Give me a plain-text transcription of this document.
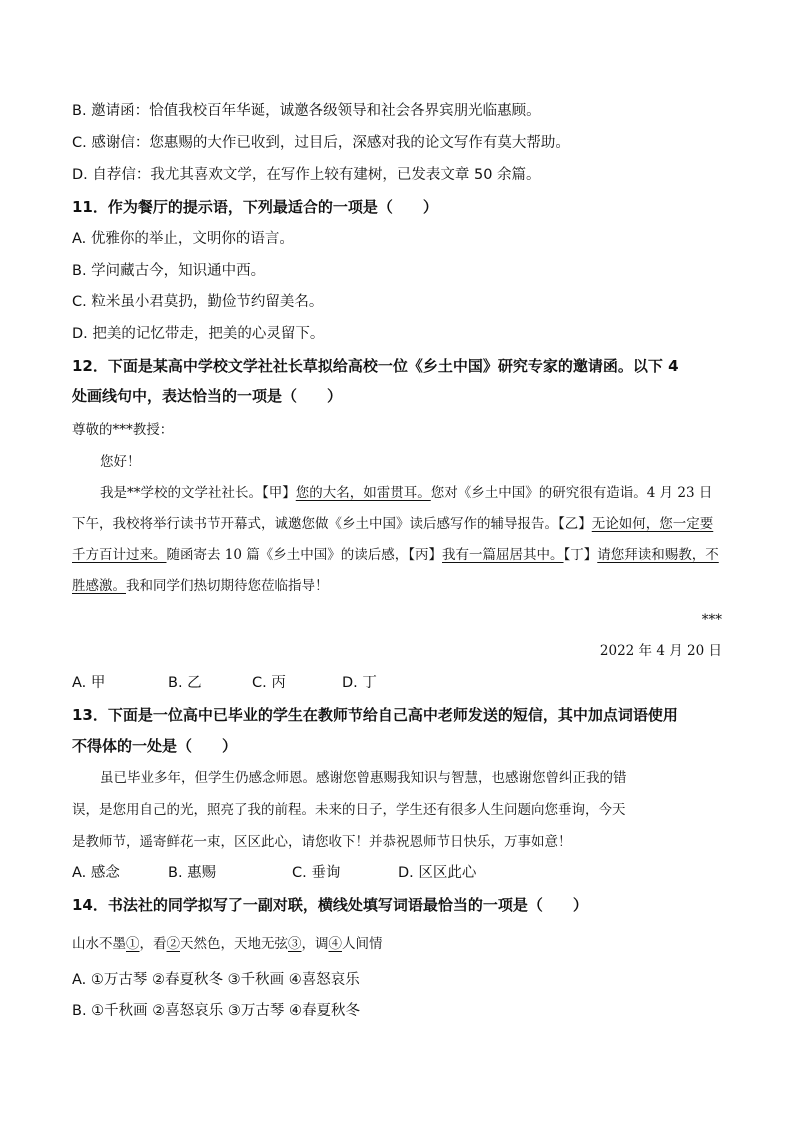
B. 邀请函：恰值我校百年华诞，诚邀各级领导和社会各界宾朋光临惠顾。
C. 感谢信：您惠赐的大作已收到，过目后，深感对我的论文写作有莫大帮助。
D. 自荐信：我尤其喜欢文学，在写作上较有建树，已发表文章 50 余篇。
11．作为餐厅的提示语，下列最适合的一项是（　　）
A. 优雅你的举止，文明你的语言。
B. 学问藏古今，知识通中西。
C. 粒米虽小君莫扔，勤俭节约留美名。
D. 把美的记忆带走，把美的心灵留下。
12．下面是某高中学校文学社社长草拟给高校一位《乡土中国》研究专家的邀请函。以下 4
处画线句中，表达恰当的一项是（　　）
尊敬的***教授：
您好！
我是**学校的文学社社长。【甲】您的大名，如雷贯耳。您对《乡土中国》的研究很有造诣。4 月 23 日下午，我校将举行读书节开幕式，诚邀您做《乡土中国》读后感写作的辅导报告。【乙】无论如何，您一定要千方百计过来。随函寄去 10 篇《乡土中国》的读后感，【丙】我有一篇屈居其中。【丁】请您拜读和赐教，不胜感激。我和同学们热切期待您莅临指导！
***
2022 年 4 月 20 日
A. 甲	B. 乙	C. 丙	D. 丁
13．下面是一位高中已毕业的学生在教师节给自己高中老师发送的短信，其中加点词语使用
不得体的一处是（　　）
虽已毕业多年，但学生仍感念师恩。感谢您曾惠赐我知识与智慧，也感谢您曾纠正我的错
误，是您用自己的光，照亮了我的前程。未来的日子，学生还有很多人生问题向您垂询，今天
是教师节，遥寄鲜花一束，区区此心，请您收下！并恭祝恩师节日快乐，万事如意！
A. 感念	B. 惠赐	C. 垂询	D. 区区此心
14．书法社的同学拟写了一副对联，横线处填写词语最恰当的一项是（　　）
山水不墨①，看②天然色，天地无弦③，调④人间情
A. ①万古琴 ②春夏秋冬 ③千秋画 ④喜怒哀乐
B. ①千秋画 ②喜怒哀乐 ③万古琴 ④春夏秋冬
